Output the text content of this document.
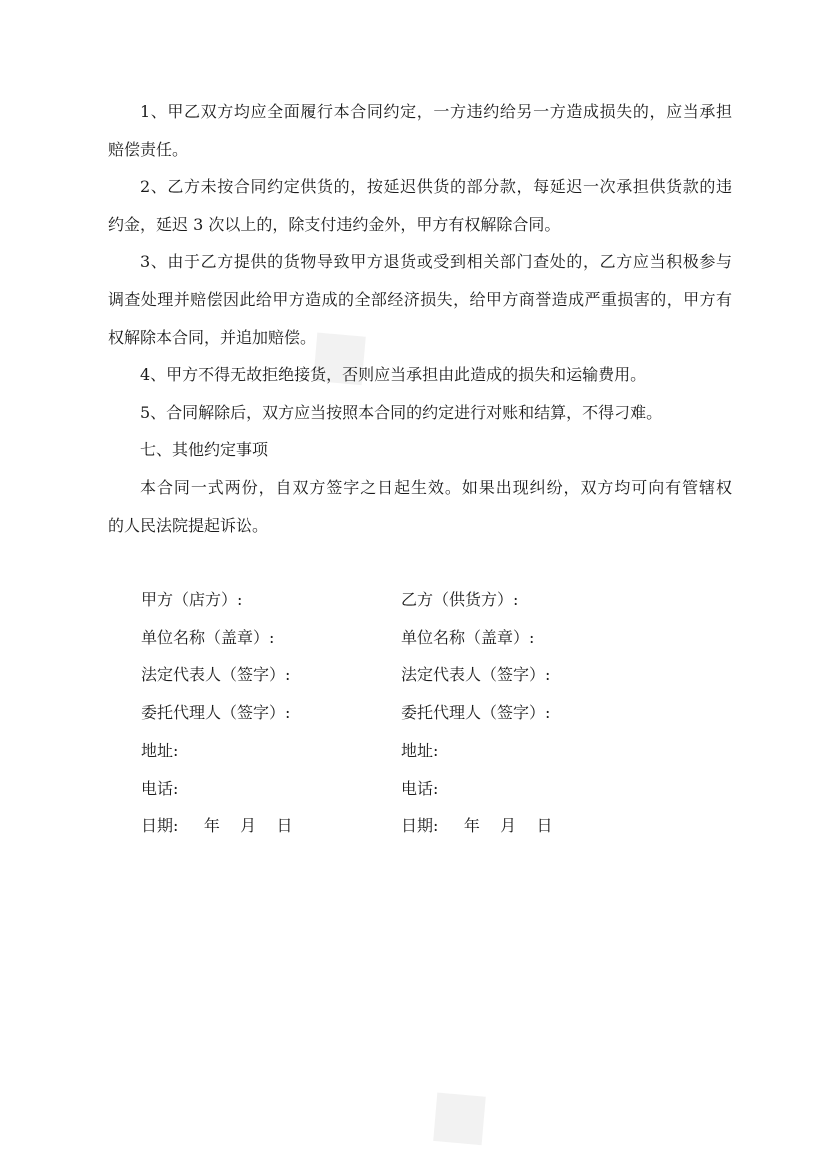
◆
◆
1、甲乙双方均应全面履行本合同约定，一方违约给另一方造成损失的，应当承担
赔偿责任。
2、乙方未按合同约定供货的，按延迟供货的部分款，每延迟一次承担供货款的违
约金，延迟 3 次以上的，除支付违约金外，甲方有权解除合同。
3、由于乙方提供的货物导致甲方退货或受到相关部门查处的，乙方应当积极参与
调查处理并赔偿因此给甲方造成的全部经济损失，给甲方商誉造成严重损害的，甲方有
权解除本合同，并追加赔偿。
4、甲方不得无故拒绝接货，否则应当承担由此造成的损失和运输费用。
5、合同解除后，双方应当按照本合同的约定进行对账和结算，不得刁难。
七、其他约定事项
本合同一式两份，自双方签字之日起生效。如果出现纠纷，双方均可向有管辖权
的人民法院提起诉讼。
甲方（店方）:
单位名称（盖章）:
法定代表人（签字）:
委托代理人（签字）:
地址:
电话:
日期:     年    月    日
乙方（供货方）:
单位名称（盖章）:
法定代表人（签字）:
委托代理人（签字）:
地址:
电话:
日期:     年    月    日
